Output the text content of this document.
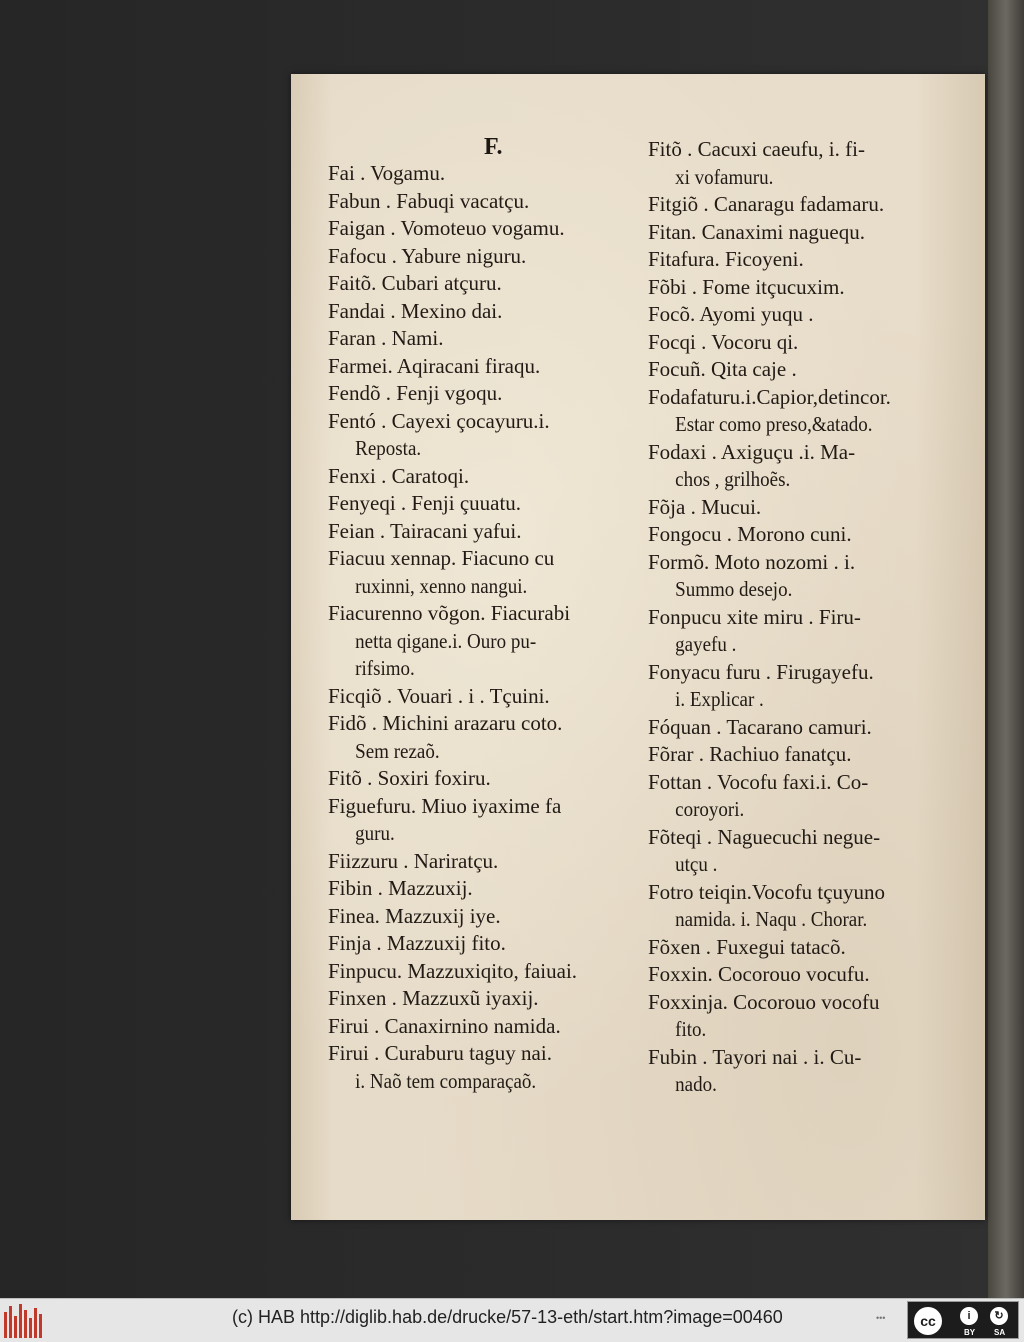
F.
Fai . Vogamu.
Fabun . Fabuqi vacatçu.
Faigan . Vomoteuo vogamu.
Fafocu . Yabure niguru.
Faitõ. Cubari atçuru.
Fandai . Mexino dai.
Faran . Nami.
Farmei. Aqiracani firaqu.
Fendõ . Fenji vgoqu.
Fentó . Cayexi çocayuru.i.
Reposta.
Fenxi . Caratoqi.
Fenyeqi . Fenji çuuatu.
Feian . Tairacani yafui.
Fiacuu xennap. Fiacuno cu
ruxinni, xenno nangui.
Fiacurenno võgon. Fiacurabi
netta qigane.i. Ouro pu-
rifsimo.
Ficqiõ . Vouari . i . Tçuini.
Fidõ . Michini arazaru coto.
Sem rezaõ.
Fitõ . Soxiri foxiru.
Figuefuru. Miuo iyaxime fa
guru.
Fiizzuru . Nariratçu.
Fibin . Mazzuxij.
Finea. Mazzuxij iye.
Finja . Mazzuxij fito.
Finpucu. Mazzuxiqito, faiuai.
Finxen . Mazzuxũ iyaxij.
Firui . Canaxirnino namida.
Firui . Curaburu taguy nai.
i. Naõ tem comparaçaõ.
Fitõ . Cacuxi caeufu, i. fi-
xi vofamuru.
Fitgiõ . Canaragu fadamaru.
Fitan. Canaximi naguequ.
Fitafura. Ficoyeni.
Fõbi . Fome itçucuxim.
Focõ. Ayomi yuqu .
Focqi . Vocoru qi.
Focuñ. Qita caje .
Fodafaturu.i.Capior,detincor.
Estar como preso,&atado.
Fodaxi . Axiguçu .i. Ma-
chos , grilhoẽs.
Fõja . Mucui.
Fongocu . Morono cuni.
Formõ. Moto nozomi . i.
Summo desejo.
Fonpucu xite miru . Firu-
gayefu .
Fonyacu furu . Firugayefu.
i. Explicar .
Fóquan . Tacarano camuri.
Fõrar . Rachiuo fanatçu.
Fottan . Vocofu faxi.i. Co-
coroyori.
Fõteqi . Naguecuchi negue-
utçu .
Fotro teiqin.Vocofu tçuyuno
namida. i. Naqu . Chorar.
Fõxen . Fuxegui tatacõ.
Foxxin. Cocorouo vocufu.
Foxxinja. Cocorouo vocofu
fito.
Fubin . Tayori nai . i. Cu-
nado.
(c) HAB http://diglib.hab.de/drucke/57-13-eth/start.htm?image=00460	•••	cc	i	↻
BY SA
